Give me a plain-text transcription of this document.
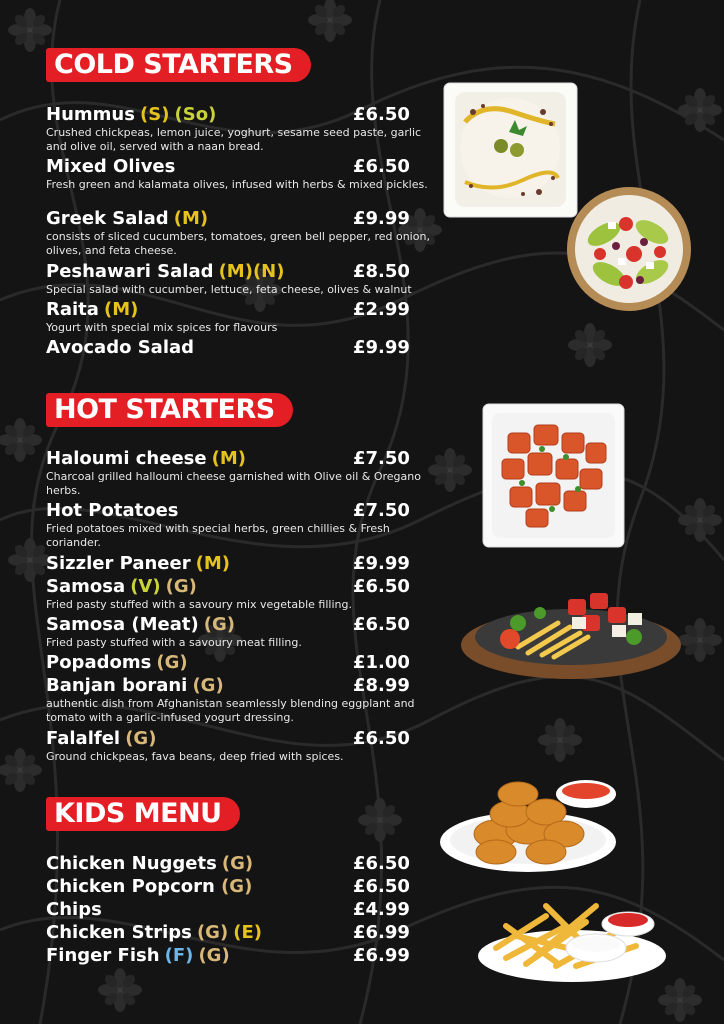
COLD STARTERS
Hummus (S) (So)	£6.50
Crushed chickpeas, lemon juice, yoghurt, sesame seed paste, garlic and olive oil, served with a naan bread.
Mixed Olives	£6.50
Fresh green and kalamata olives, infused with herbs & mixed pickles.
Greek Salad (M)	£9.99
consists of sliced cucumbers, tomatoes, green bell pepper, red onion, olives, and feta cheese.
Peshawari Salad (M)(N)	£8.50
Special salad with cucumber, lettuce, feta cheese, olives & walnut
Raita (M)	£2.99
Yogurt with special mix spices for flavours
Avocado Salad	£9.99
HOT STARTERS
Haloumi cheese (M)	£7.50
Charcoal grilled halloumi cheese garnished with Olive oil & Oregano herbs.
Hot Potatoes	£7.50
Fried potatoes mixed with special herbs, green chillies & Fresh coriander.
Sizzler Paneer (M)	£9.99
Samosa (V) (G)	£6.50
Fried pasty stuffed with a savoury mix vegetable filling.
Samosa (Meat) (G)	£6.50
Fried pasty stuffed with a savoury meat filling.
Popadoms (G)	£1.00
Banjan borani (G)	£8.99
authentic dish from Afghanistan seamlessly blending eggplant and tomato with a garlic-infused yogurt dressing.
Falalfel (G)	£6.50
Ground chickpeas, fava beans, deep fried with spices.
KIDS MENU
Chicken Nuggets (G)	£6.50
Chicken Popcorn (G)	£6.50
Chips	£4.99
Chicken Strips (G) (E)	£6.99
Finger Fish (F) (G)	£6.99
